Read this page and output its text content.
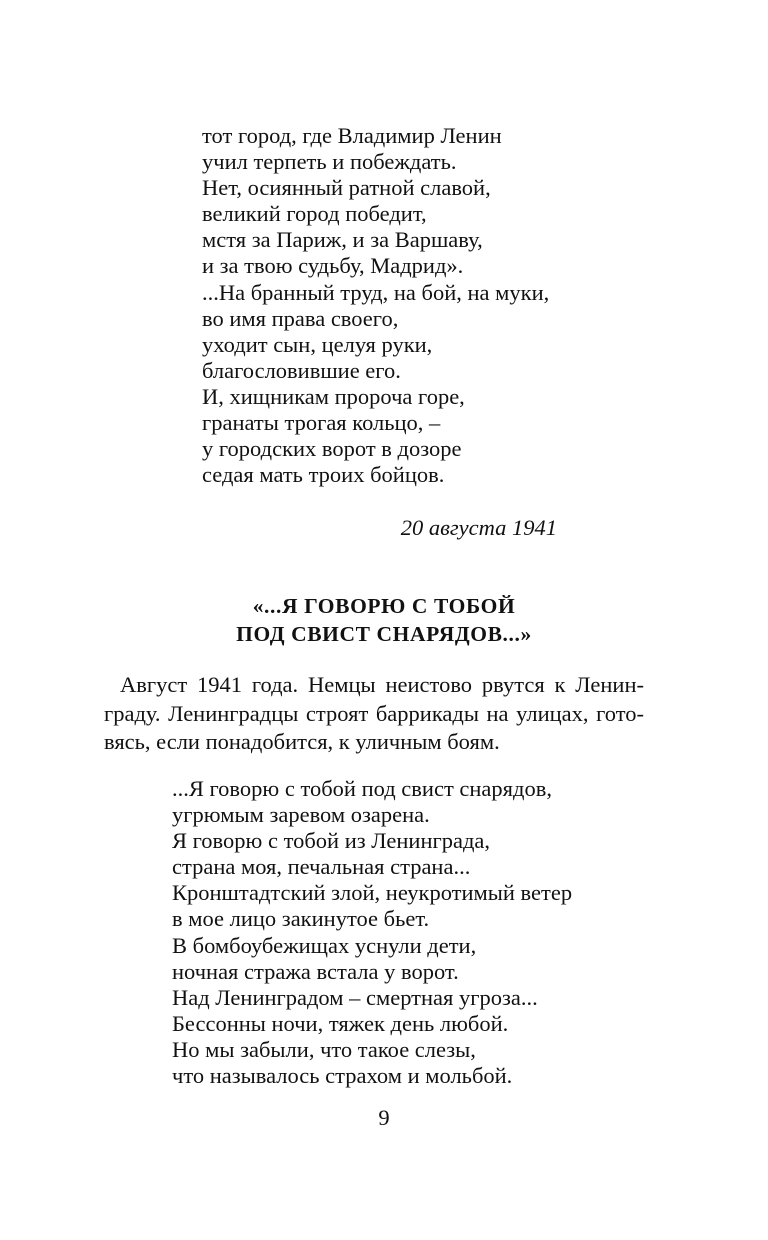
тот город, где Владимир Ленин
учил терпеть и побеждать.
Нет, осиянный ратной славой,
великий город победит,
мстя за Париж, и за Варшаву,
и за твою судьбу, Мадрид».
...На бранный труд, на бой, на муки,
во имя права своего,
уходит сын, целуя руки,
благословившие его.
И, хищникам пророча горе,
гранаты трогая кольцо, –
у городских ворот в дозоре
седая мать троих бойцов.
20 августа 1941
«...Я ГОВОРЮ С ТОБОЙ
ПОД СВИСТ СНАРЯДОВ...»
Август 1941 года. Немцы неистово рвутся к Ленин-
граду. Ленинградцы строят баррикады на улицах, гото-
вясь, если понадобится, к уличным боям.
...Я говорю с тобой под свист снарядов,
угрюмым заревом озарена.
Я говорю с тобой из Ленинграда,
страна моя, печальная страна...
Кронштадтский злой, неукротимый ветер
в мое лицо закинутое бьет.
В бомбоубежищах уснули дети,
ночная стража встала у ворот.
Над Ленинградом – смертная угроза...
Бессонны ночи, тяжек день любой.
Но мы забыли, что такое слезы,
что называлось страхом и мольбой.
9
